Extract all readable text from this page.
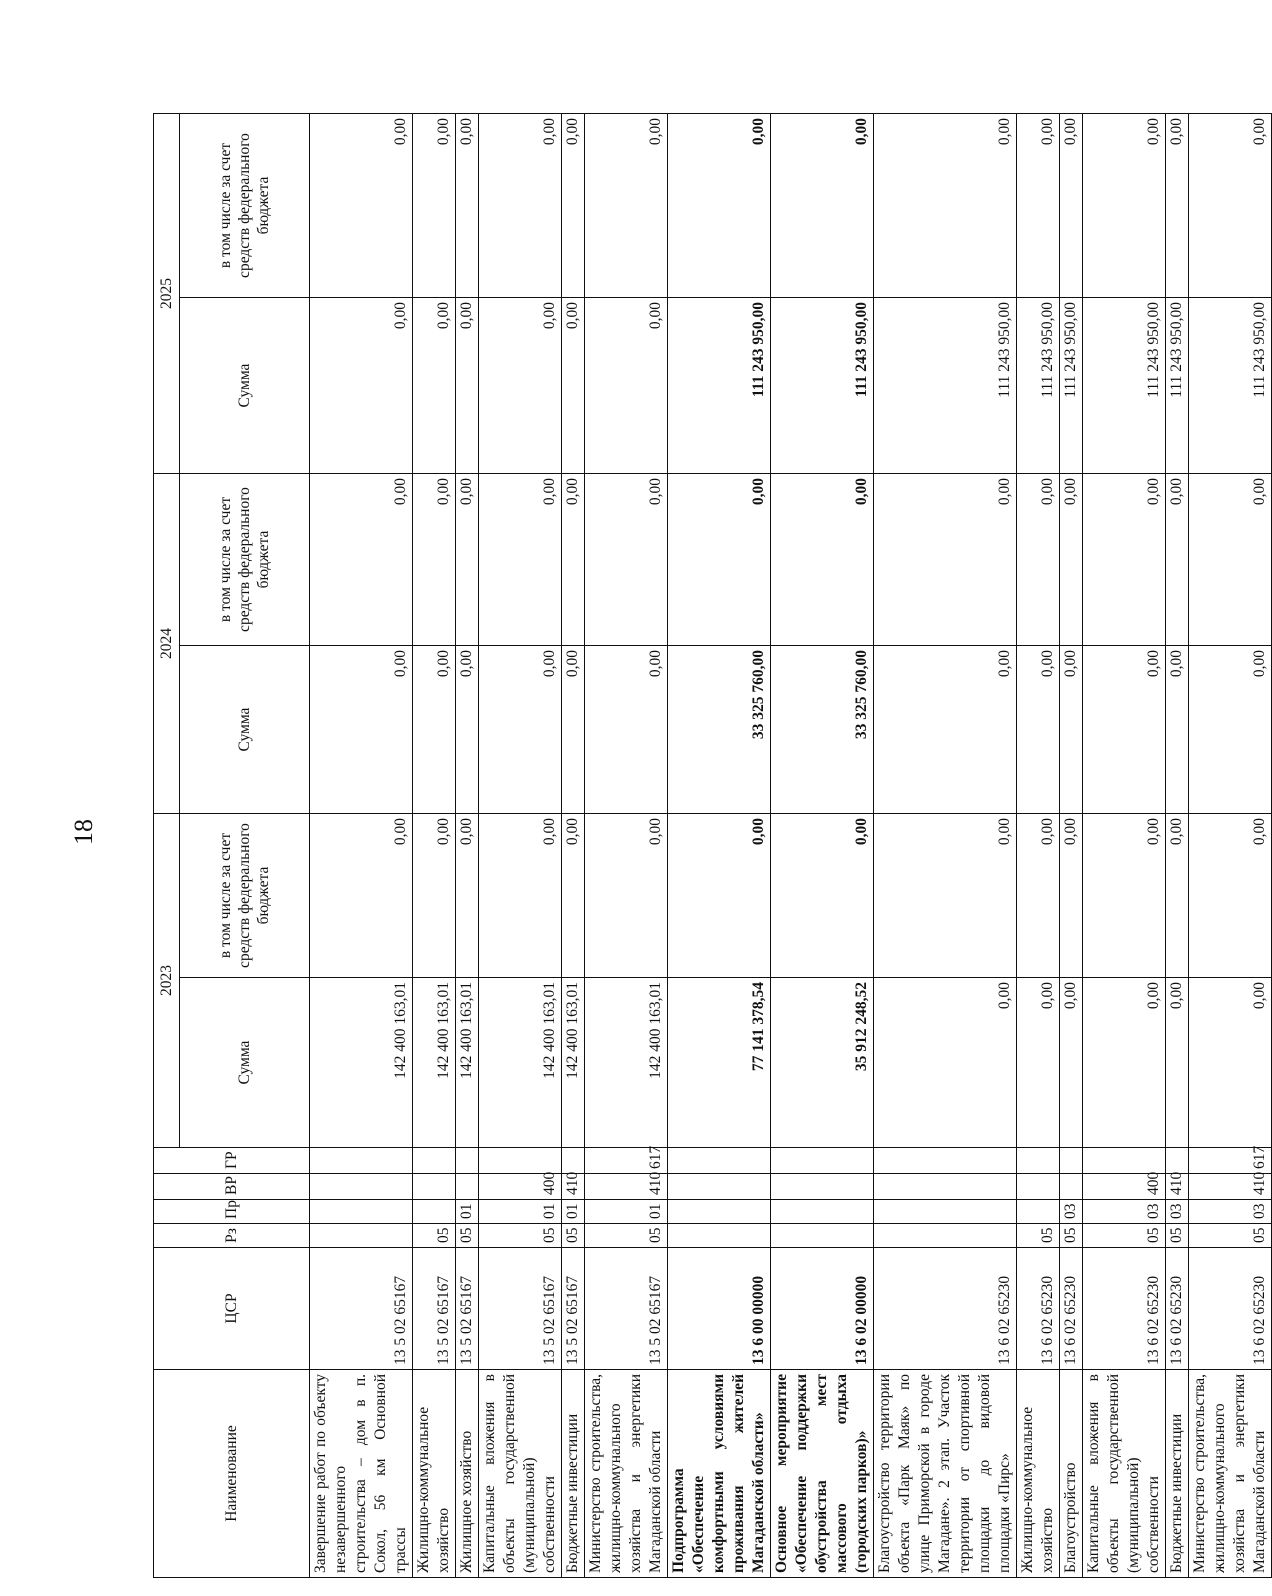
18
Наименование	ЦСР	Рз	Пр	ВР	ГР	2023		2024		2025	
						Сумма	в том числе за счет средств федерального бюджета	Сумма	в том числе за счет средств федерального бюджета	Сумма	в том числе за счет средств федерального бюджета
Завершение работ по объекту незавершенного строительства – дом в п. Сокол, 56 км Основной трассы	13 5 02 65167					142 400 163,01	0,00	0,00	0,00	0,00	0,00
Жилищно-коммунальное хозяйство	13 5 02 65167	05				142 400 163,01	0,00	0,00	0,00	0,00	0,00
Жилищное хозяйство	13 5 02 65167	05	01			142 400 163,01	0,00	0,00	0,00	0,00	0,00
Капитальные вложения в объекты государственной (муниципальной) собственности	13 5 02 65167	05	01	400		142 400 163,01	0,00	0,00	0,00	0,00	0,00
Бюджетные инвестиции	13 5 02 65167	05	01	410		142 400 163,01	0,00	0,00	0,00	0,00	0,00
Министерство строительства, жилищно-коммунального хозяйства и энергетики Магаданской области	13 5 02 65167	05	01	410	617	142 400 163,01	0,00	0,00	0,00	0,00	0,00
Подпрограмма «Обеспечение комфортными условиями проживания жителей Магаданской области»	13 6 00 00000					77 141 378,54	0,00	33 325 760,00	0,00	111 243 950,00	0,00
Основное мероприятие «Обеспечение поддержки обустройства мест массового отдыха (городских парков)»	13 6 02 00000					35 912 248,52	0,00	33 325 760,00	0,00	111 243 950,00	0,00
Благоустройство территории объекта «Парк Маяк» по улице Приморской в городе Магадане». 2 этап. Участок территории от спортивной площадки до видовой площадки «Пирс»	13 6 02 65230					0,00	0,00	0,00	0,00	111 243 950,00	0,00
Жилищно-коммунальное хозяйство	13 6 02 65230	05				0,00	0,00	0,00	0,00	111 243 950,00	0,00
Благоустройство	13 6 02 65230	05	03			0,00	0,00	0,00	0,00	111 243 950,00	0,00
Капитальные вложения в объекты государственной (муниципальной) собственности	13 6 02 65230	05	03	400		0,00	0,00	0,00	0,00	111 243 950,00	0,00
Бюджетные инвестиции	13 6 02 65230	05	03	410		0,00	0,00	0,00	0,00	111 243 950,00	0,00
Министерство строительства, жилищно-коммунального хозяйства и энергетики Магаданской области	13 6 02 65230	05	03	410	617	0,00	0,00	0,00	0,00	111 243 950,00	0,00
